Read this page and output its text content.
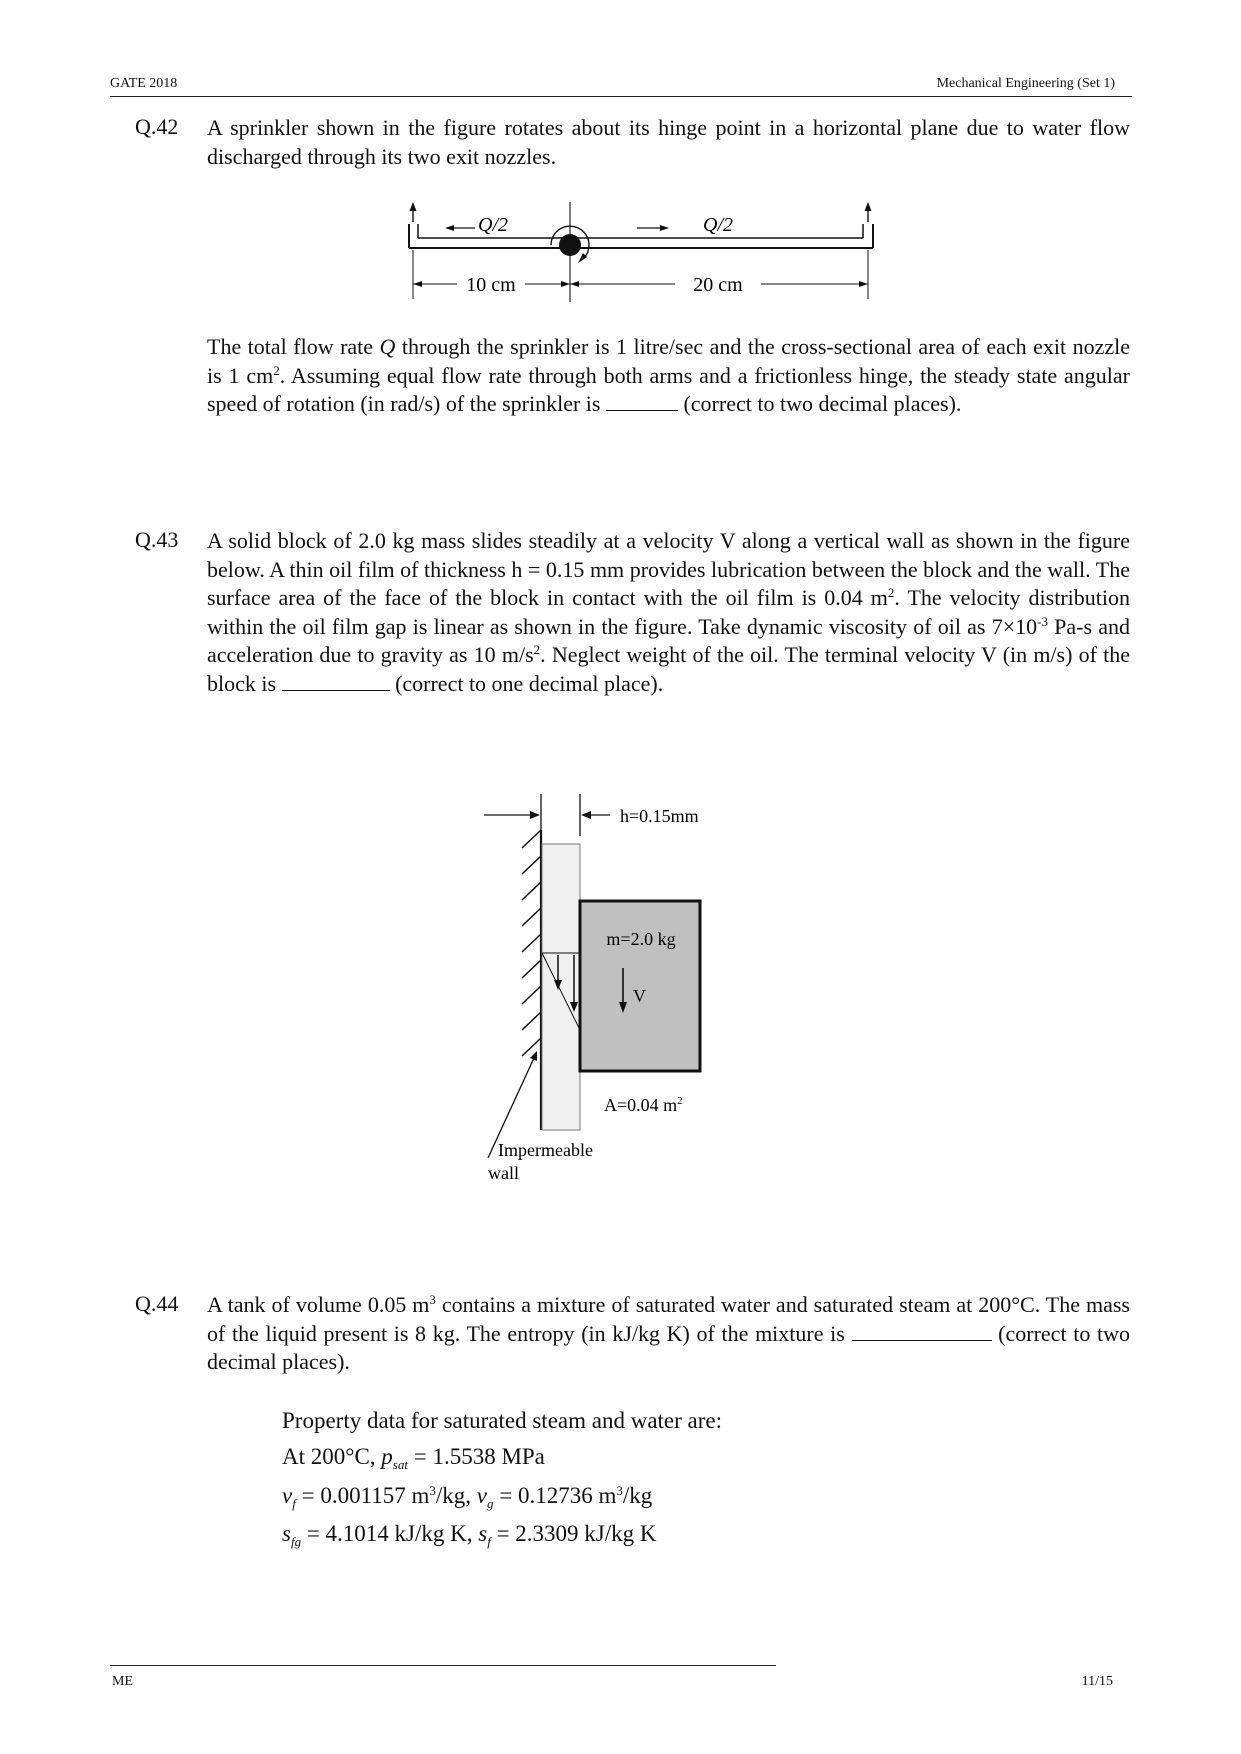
GATE 2018	Mechanical Engineering (Set 1)
Q.42 A sprinkler shown in the figure rotates about its hinge point in a horizontal plane due to water flow discharged through its two exit nozzles.

Q/2	Q/2
10 cm	20 cm

The total flow rate Q through the sprinkler is 1 litre/sec and the cross-sectional area of each exit nozzle is 1 $cm^2$. Assuming equal flow rate through both arms and a frictionless hinge, the steady state angular speed of rotation (in rad/s) of the sprinkler is	(correct to two decimal places).

Q.43 A solid block of 2.0 kg mass slides steadily at a velocity V along a vertical wall as shown in the figure below. A thin oil film of thickness h = 0.15 mm provides lubrication between the block and the wall. The surface area of the face of the block in contact with the oil film is 0.04 $m^2$. The velocity distribution within the oil film gap is linear as shown in the figure. Take dynamic viscosity of oil as $7\times 10^{-3}$ Pa-s and acceleration due to gravity as 10 $m/s^2$. Neglect weight of the oil. The terminal velocity V (in m/s) of the block is	(correct to one decimal place).

h=0.15mm
m=2.0 kg
V
A=0.04 $m^2$
Impermeable
wall
Q.44 A tank of volume 0.05 $m^3$ contains a mixture of saturated water and saturated steam at 200°C. The mass of the liquid present is 8 kg. The entropy (in kJ/kg K) of the mixture is	(correct to two decimal places).

Property data for saturated steam and water are:
At 200°C, $p_{sat} = 1.5538$ MPa
$v_f = 0.001157$ $m^3/kg$, $v_g = 0.12736$ $m^3/kg$
$s_{fg} = 4.1014$ kJ/kg K, $s_f = 2.3309$ kJ/kg K
ME	11/15
